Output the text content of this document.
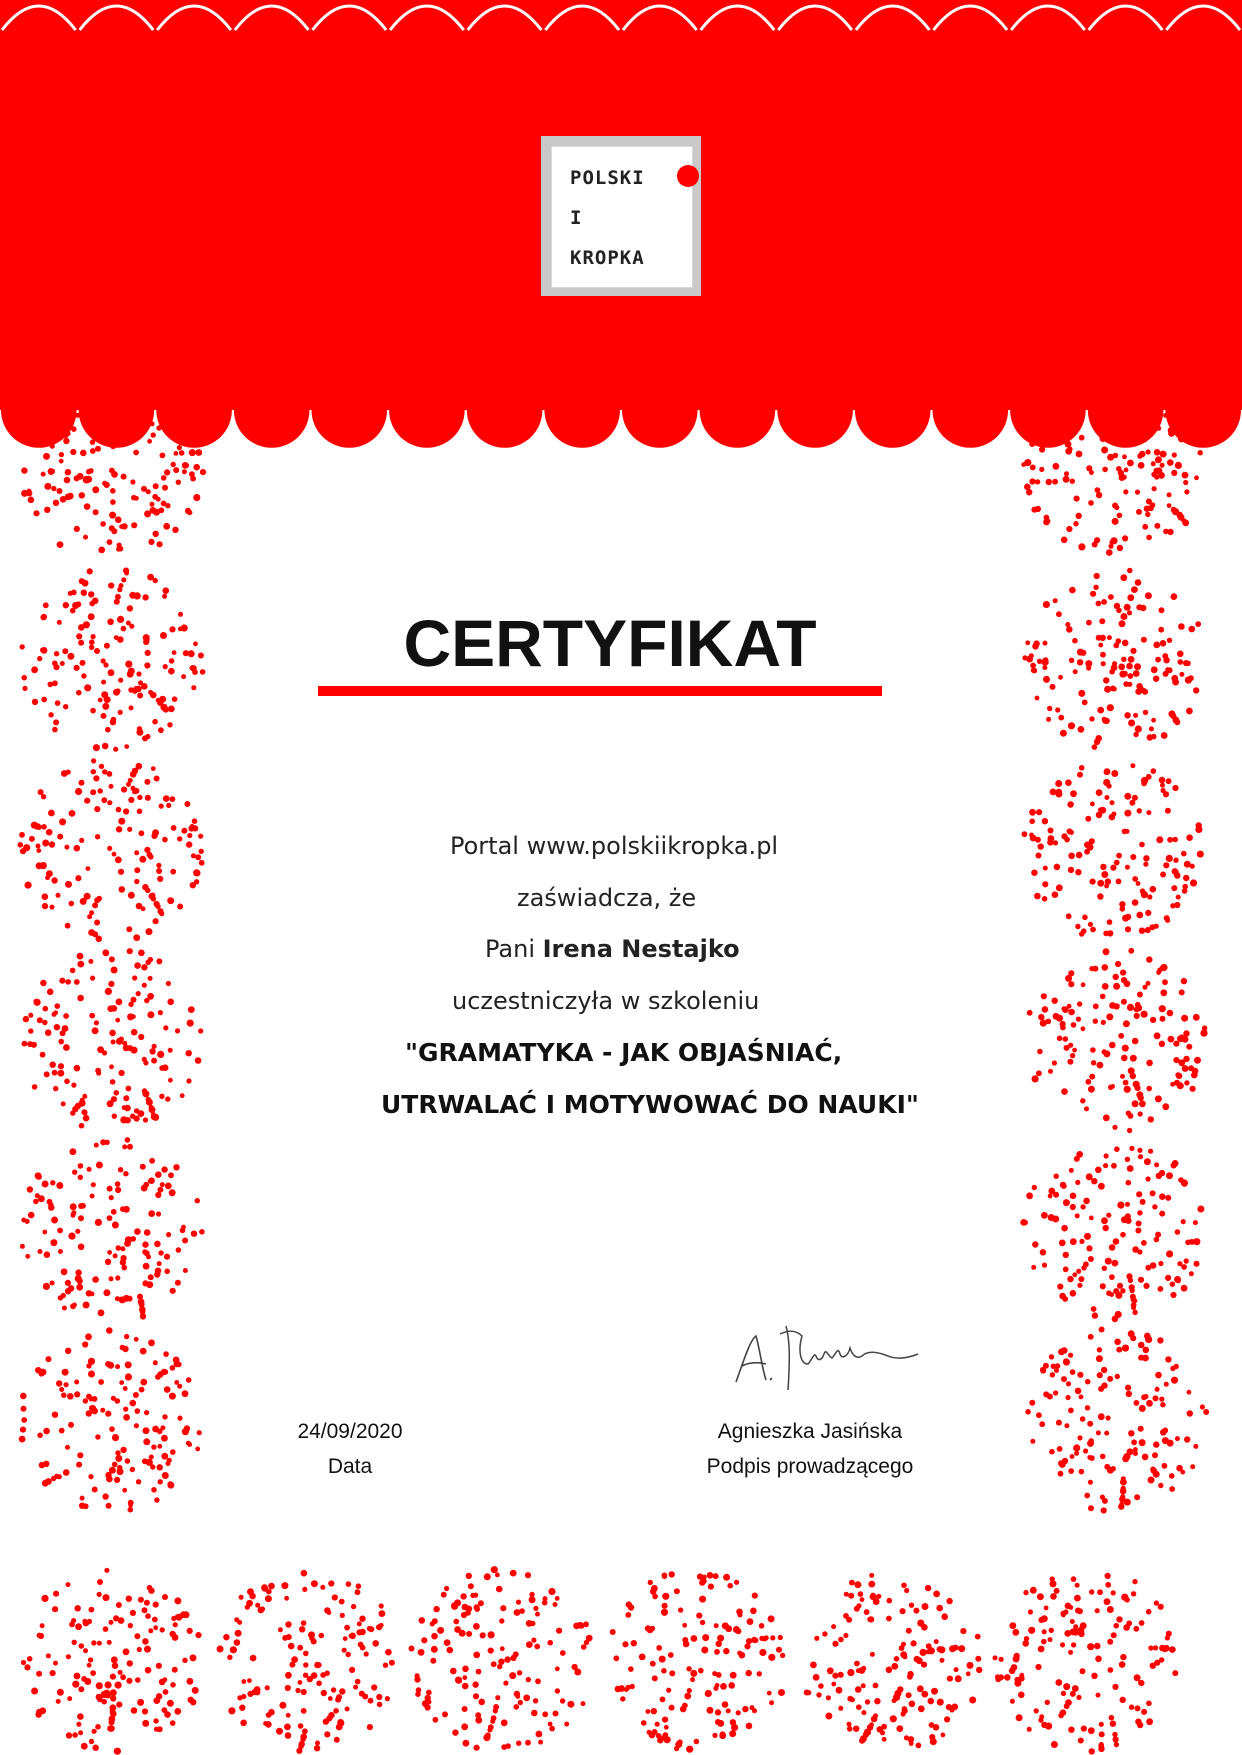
POLSKI
I
KROPKA
CERTYFIKAT
Portal www.polskiikropka.pl
zaświadcza, że
Pani Irena Nestajko
uczestniczyła w szkoleniu
"GRAMATYKA - JAK OBJAŚNIAĆ,
UTRWALAĆ I MOTYWOWAĆ DO NAUKI"
24/09/2020
Data
Agnieszka Jasińska
Podpis prowadzącego
